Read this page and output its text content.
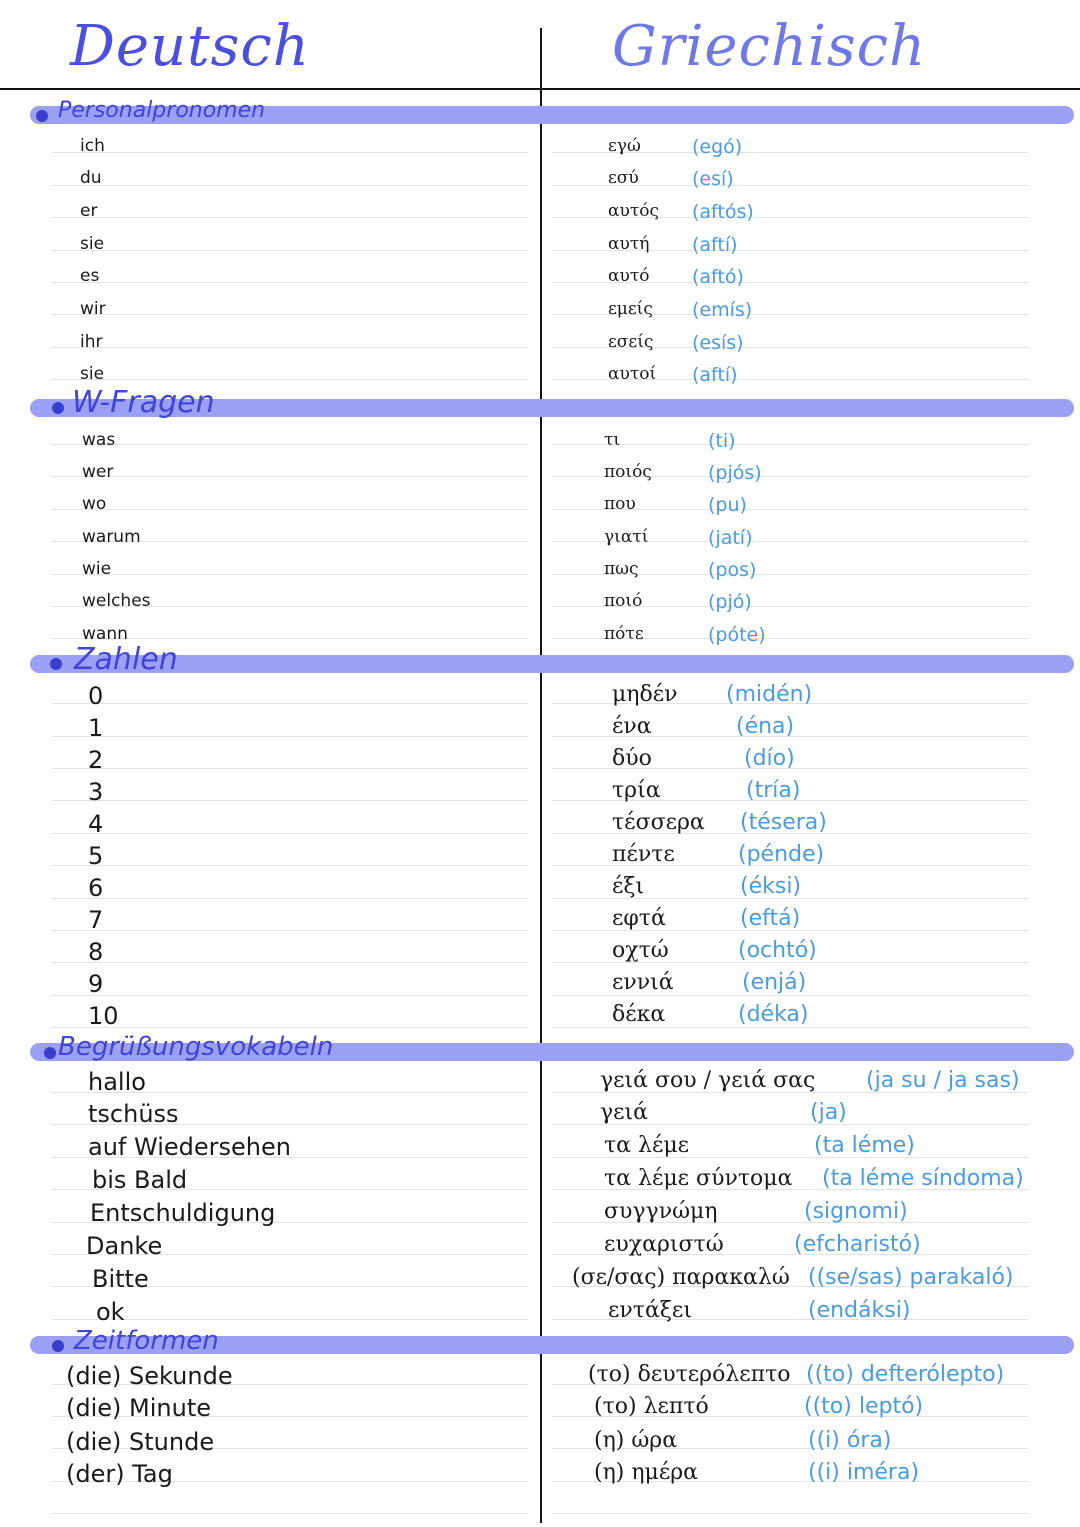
Deutsch	Griechisch
Personalpronomen
ich	εγώ	(egó)
du	εσύ	(esí)
er	αυτός (aftós)
sie	αυτή (aftí)
es	αυτό (aftó)
wir	εμείς (emís)
ihr	εσείς (esís)
sie	αυτοί (aftí)
W-Fragen
was	τι	(ti)
wer	ποιός	(pjós)
wo	που	(pu)
warum	γιατί	(jatí)
wie	πως	(pos)
welches	ποιό	(pjó)
wann	πότε	(póte)
Zahlen
0	μηδέν (midén)
1	ένα	(éna)
2	δύο	(dío)
3	τρία	(tría)
4	τέσσερα (tésera)
5	πέντε	(pénde)
6	έξι	(éksi)
7	εφτά	(eftá)
8	οχτώ	(ochtó)
9	εννιά	(enjá)
10	δέκα	(déka)
Begrüßungsvokabeln
hallo	γειά σου / γειά σας (ja su / ja sas)
tschüss	γειά	(ja)
auf Wiedersehen	τα λέμε	(ta léme)
bis Bald	τα λέμε σύντομα (ta léme síndoma)
Entschuldigung	συγγνώμη	(signomi)
Danke	ευχαριστώ	(efcharistó)
Bitte	(σε/σας) παρακαλώ ((se/sas) parakaló)
ok	εντάξει	(endáksi)
Zeitformen
(die) Sekunde	(το) δευτερόλεπτο ((to) defterólepto)
(die) Minute	(το) λεπτό	((to) leptó)
(die) Stunde	(η) ώρα	((i) óra)
(der) Tag	(η) ημέρα	((i) iméra)
